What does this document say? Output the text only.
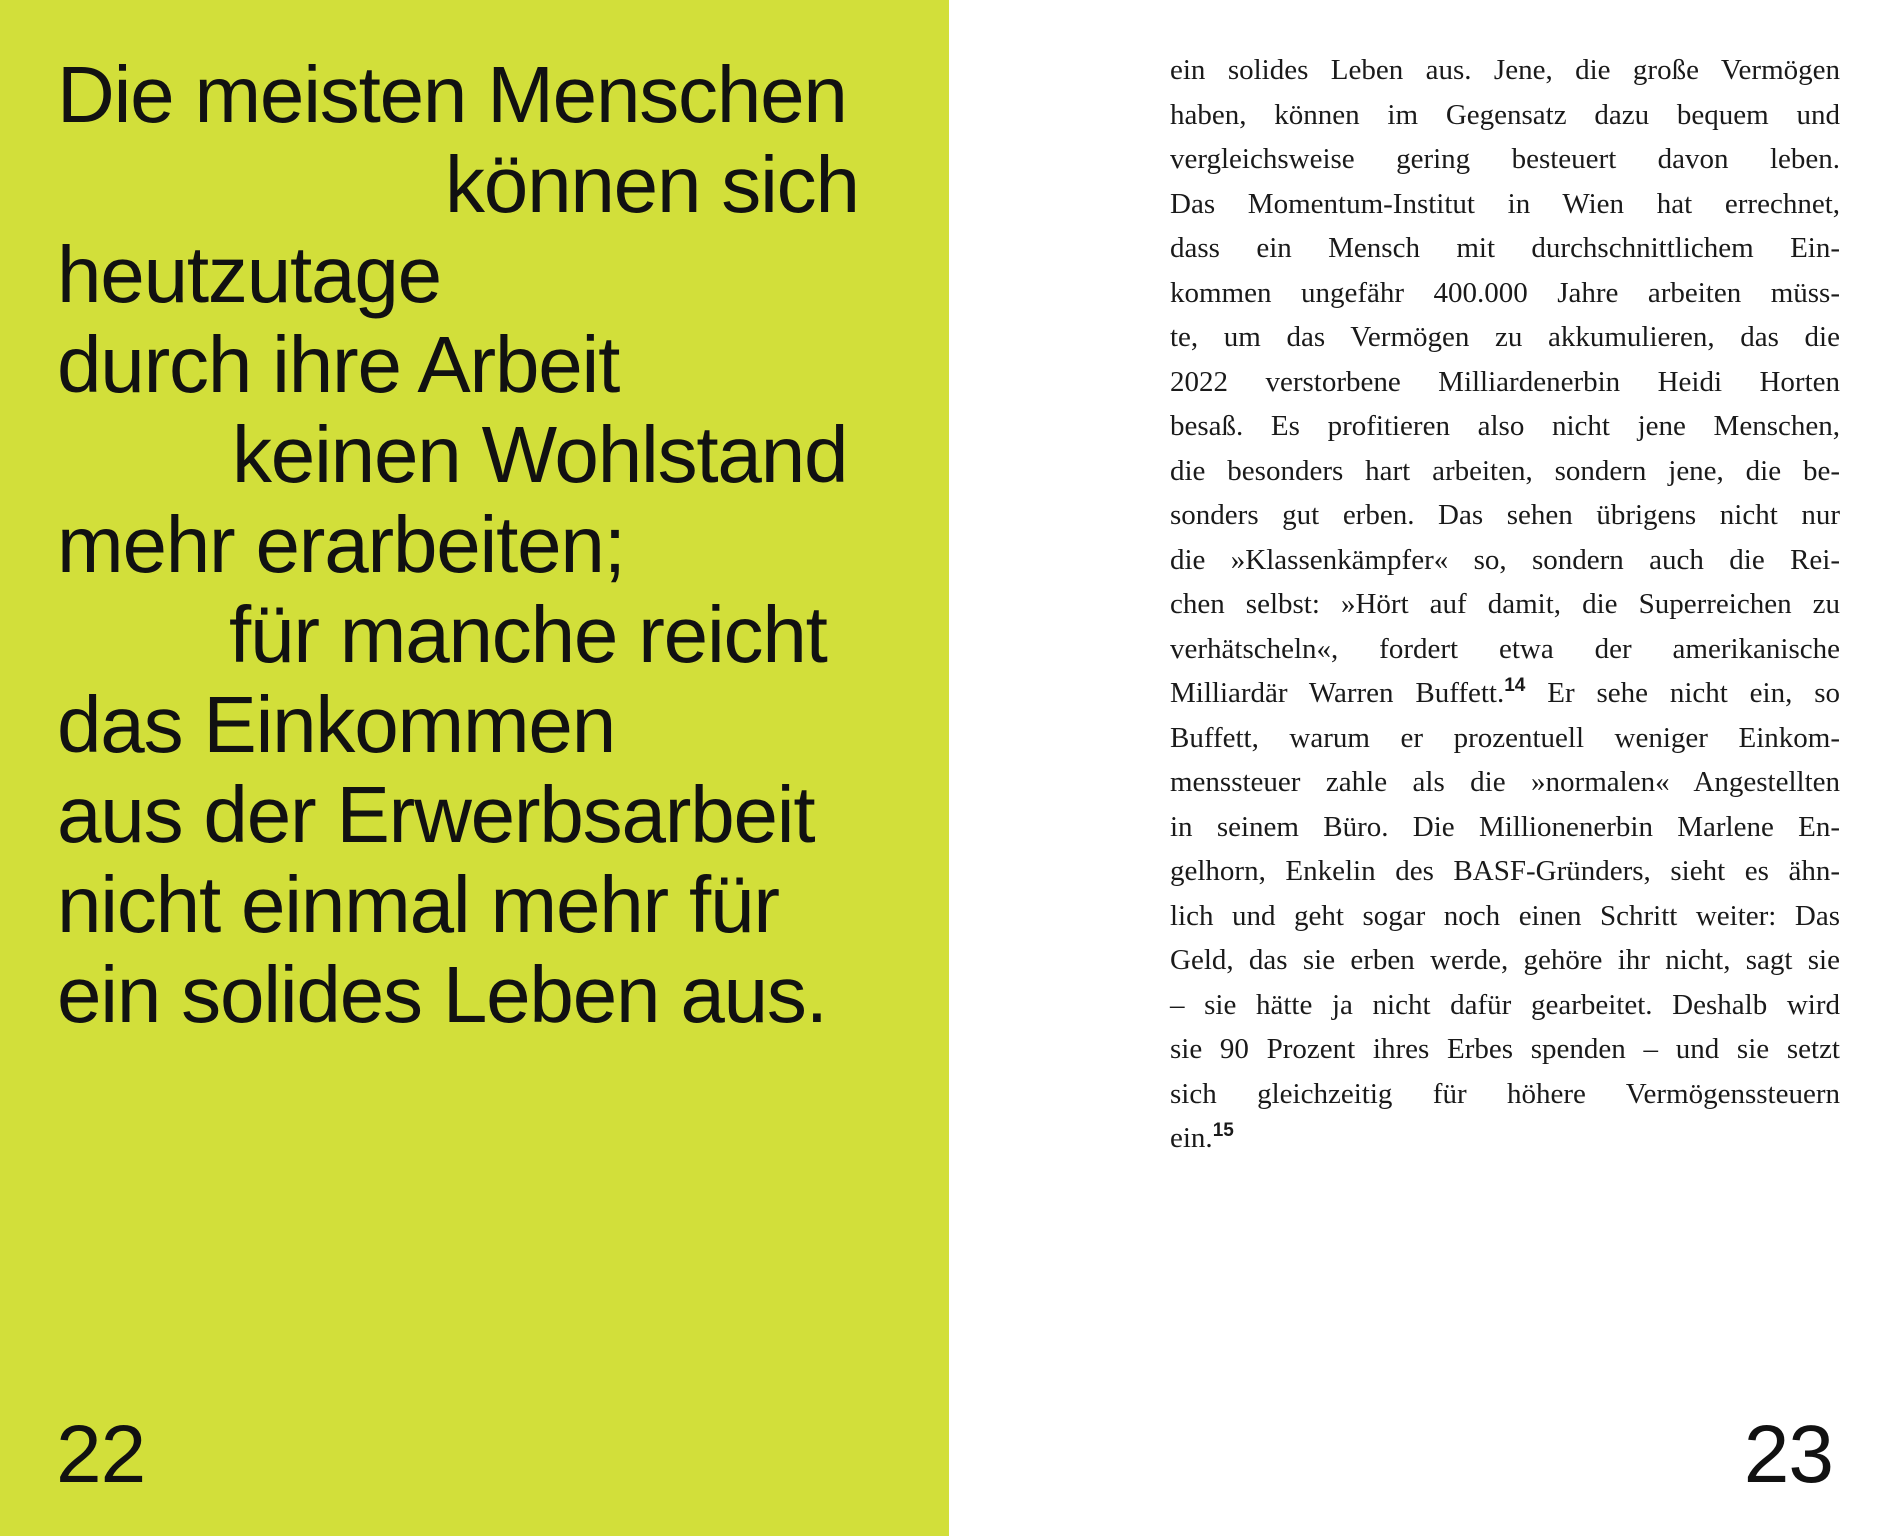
Die meisten Menschen
können sich
heutzutage
durch ihre Arbeit
keinen Wohlstand
mehr erarbeiten;
für manche reicht
das Einkommen
aus der Erwerbsarbeit
nicht einmal mehr für
ein solides Leben aus.
22
ein solides Leben aus. Jene, die große Vermögen
haben, können im Gegensatz dazu bequem und
vergleichsweise gering besteuert davon leben.
Das Momentum-Institut in Wien hat errechnet,
dass ein Mensch mit durchschnittlichem Ein-
kommen ungefähr 400.000 Jahre arbeiten müss-
te, um das Vermögen zu akkumulieren, das die
2022 verstorbene Milliardenerbin Heidi Horten
besaß. Es profitieren also nicht jene Menschen,
die besonders hart arbeiten, sondern jene, die be-
sonders gut erben. Das sehen übrigens nicht nur
die »Klassenkämpfer« so, sondern auch die Rei-
chen selbst: »Hört auf damit, die Superreichen zu
verhätscheln«, fordert etwa der amerikanische
Milliardär Warren Buffett.$^{14}$ Er sehe nicht ein, so
Buffett, warum er prozentuell weniger Einkom-
menssteuer zahle als die »normalen« Angestellten
in seinem Büro. Die Millionenerbin Marlene En-
gelhorn, Enkelin des BASF-Gründers, sieht es ähn-
lich und geht sogar noch einen Schritt weiter: Das
Geld, das sie erben werde, gehöre ihr nicht, sagt sie
– sie hätte ja nicht dafür gearbeitet. Deshalb wird
sie 90 Prozent ihres Erbes spenden – und sie setzt
sich gleichzeitig für höhere Vermögenssteuern
ein.$^{15}$
23
